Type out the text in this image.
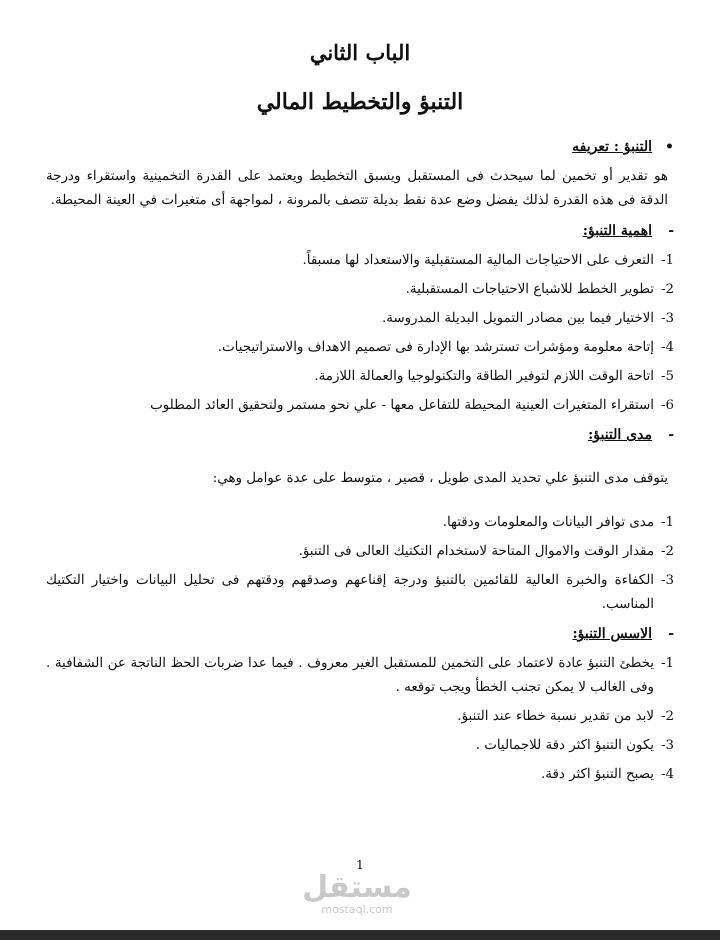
الباب الثاني
التنبؤ والتخطيط المالي
•التنبؤ : تعريفه

هو تقدير أو تخمين لما سيحدث فى المستقبل ويسبق التخطيط ويعتمد على القدرة التخمينية واستقراء ودرجة الدقة فى هذه القدرة لذلك يفضل وضع عدة نقط بديلة تتصف بالمرونة ، لمواجهة أى متغيرات في العينة المحيطة.

-اهمية التنبؤ:
1-
التعرف على الاحتياجات المالية المستقبلية والاستعداد لها مسبقاً.
2-
تطوير الخطط للاشباع الاحتياجات المستقبلية.
3-
الاختيار فيما بين مصادر التمويل البديلة المدروسة.
4-
إتاحة معلومة ومؤشرات تسترشد بها الإدارة فى تصميم الاهداف والاستراتيجيات.
5-
اتاحة الوقت اللازم لتوفير الطاقة والتكنولوجيا والعمالة اللازمة.
6-
استقراء المتغيرات العينية المحيطة للتفاعل معها - علي نحو مستمر ولتحقيق العائد المطلوب
-مدى التنبؤ:

يتوقف مدى التنبؤ علي تحديد المدى طويل ، قصير ، متوسط على عدة عوامل وهي:

1-
مدى توافر البيانات والمعلومات ودقتها.
2-
مقدار الوقت والاموال المتاحة لاستخدام التكتيك العالى فى التنبؤ.
3-
الكفاءة والخبرة العالية للقائمين بالتنبؤ ودرجة إقناعهم وصدقهم ودقتهم فى تحليل البيانات واختيار التكتيك المناسب.
-الاسس التنبؤ:
1-
يخطئ التنبؤ عادة لاعتماد على التخمين للمستقبل الغير معروف . فيما عدا ضربات الحظ الناتجة عن الشفافية . وفى الغالب لا يمكن تجنب الخطأ ويجب توقعه .
2-
لابد من تقدير نسبة خطاء عند التنبؤ.
3-
يكون التنبؤ اكثر دقة للاجماليات .
4-
يصبح التنبؤ اكثر دقة.
1
مستقل
mostaql.com
